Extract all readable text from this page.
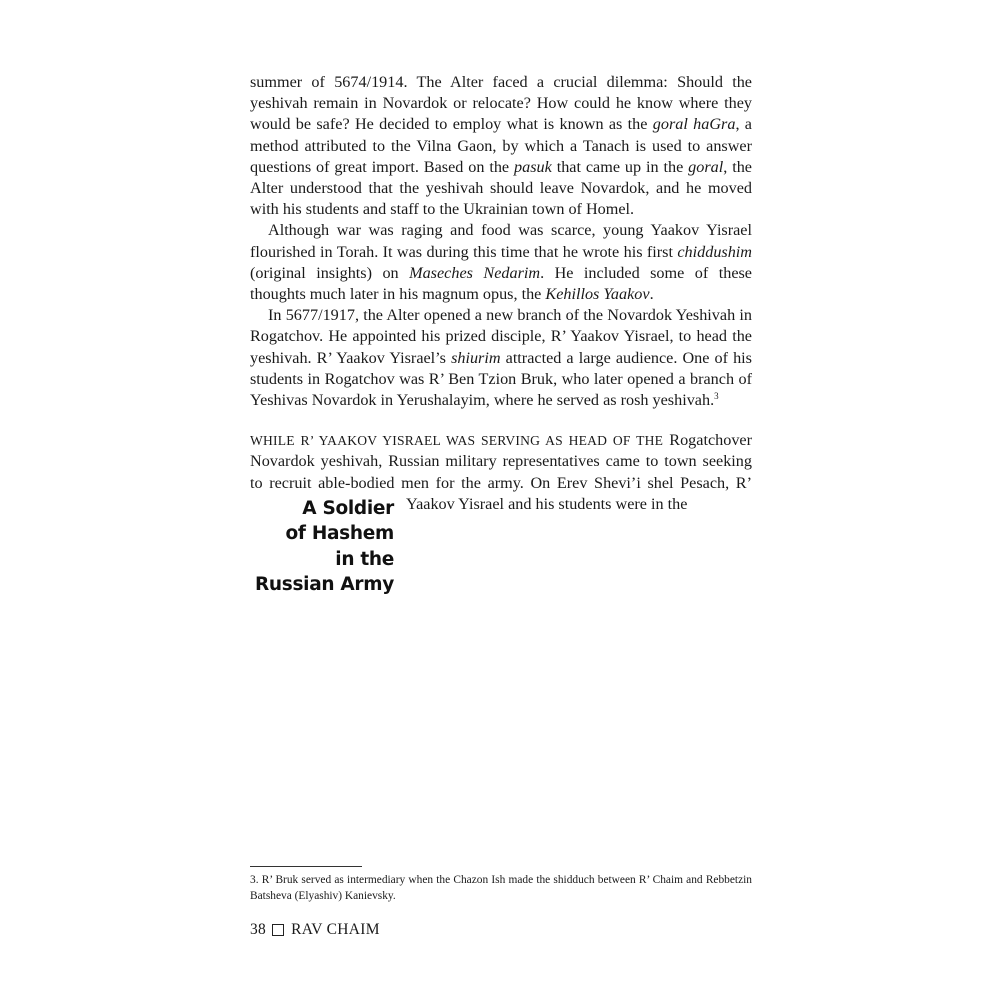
summer of 5674/1914. The Alter faced a crucial dilemma: Should the yeshivah remain in Novardok or relocate? How could he know where they would be safe? He decided to employ what is known as the goral haGra, a method attributed to the Vilna Gaon, by which a Tanach is used to answer questions of great import. Based on the pasuk that came up in the goral, the Alter understood that the yeshivah should leave Novardok, and he moved with his students and staff to the Ukrainian town of Homel.

Although war was raging and food was scarce, young Yaakov Yisrael flourished in Torah. It was during this time that he wrote his first chiddushim (original insights) on Maseches Nedarim. He included some of these thoughts much later in his magnum opus, the Kehillos Yaakov.

In 5677/1917, the Alter opened a new branch of the Novardok Yeshivah in Rogatchov. He appointed his prized disciple, R’ Yaakov Yisrael, to head the yeshivah. R’ Yaakov Yisrael’s shiurim attracted a large audience. One of his students in Rogatchov was R’ Ben Tzion Bruk, who later opened a branch of Yeshivas Novardok in Yerushalayim, where he served as rosh yeshivah.$^3$

WHILE R’ YAAKOV YISRAEL WAS SERVING AS HEAD OF THE Rogatchover Novardok yeshivah, Russian military representatives came to town seeking to recruit able-bodied men for the army. On Erev Shevi’i shel Pesach, R’ Yaakov Yisrael and his students were in the
A Soldier
of Hashem
in the
Russian Army

3. R’ Bruk served as intermediary when the Chazon Ish made the shidduch between R’ Chaim and Rebbetzin Batsheva (Elyashiv) Kanievsky.

38 RAV CHAIM
